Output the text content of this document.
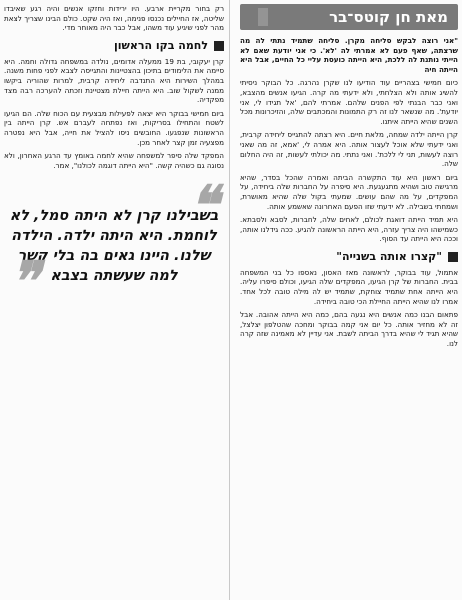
מאת חן קוטס־בר

"אני רוצה לבקש סליחה מקרן. סליחה שתמיד נתתי לה מה שרצתה, שאף פעם לא אמרתי לה 'לא'. כי אני יודעת שאם לא הייתי נותנת לה ללכת, היא הייתה כועסת עליי כל החיים, אבל היא הייתה חיה

כיום חמישי בצהריים עוד הודיעו לנו שקרן נהרגה. כל הבוקר ניסיתי להשיג אותה ולא הצלחתי, ולא ידעתי מה קרה. הגיעו אנשים מהצבא, ואני כבר הבנתי לפי הפנים שלהם. אמרתי להם, 'אל תגידו לי, אני יודעת'. מה שנשאר לנו זה רק התמונות והמכתבים שלה, והזיכרונות מכל השנים שהיא הייתה איתנו.

קרן הייתה ילדה שמחה, מלאת חיים. היא רצתה להתגייס ליחידה קרבית, ואני ידעתי שלא אוכל לעצור אותה. היא אמרה לי, 'אמא, זה מה שאני רוצה לעשות, תני לי ללכת'. ואני נתתי. מה יכולתי לעשות, זה היה החלום שלה.

ביום ראשון היא עוד התקשרה הביתה ואמרה שהכל בסדר, שהיא מרגישה טוב ושהיא מתגעגעת. היא סיפרה על החברות שלה ביחידה, על המפקדים, על מה שהם עושים. שמעתי בקול שלה שהיא מאושרת, ושמחתי בשבילה. לא ידעתי שזו הפעם האחרונה שאשמע אותה.

היא תמיד הייתה דואגת לכולם, לאחים שלה, לחברות, לסבא ולסבתא. כשמישהו היה צריך עזרה, היא הייתה הראשונה להגיע. ככה גידלנו אותה, וככה היא הייתה עד הסוף.

"קצרו אותה בשנייה"

אתמול, עוד בבוקר, לראשונה מאז האסון, נאספו כל בני המשפחה בבית. החברות של קרן הגיעו, המפקדים שלה הגיעו, וכולם סיפרו עליה. היא הייתה אחת שתמיד צוחקת, שתמיד יש לה מילה טובה לכל אחד. אמרו לנו שהיא הייתה החיילת הכי טובה ביחידה.

פתאום הבנו כמה אנשים היא נגעה בהם, כמה היא הייתה אהובה. אבל זה לא מחזיר אותה. כל יום אני קמה בבוקר ומחכה שהטלפון יצלצל, שהיא תגיד לי שהיא בדרך הביתה לשבת. אני עדיין לא מאמינה שזה קרה לנו.

רק בחור מקריית ארבע. היו ירידות וחזקו אנשים והיה רגע שאיבדו שליטה, אז החיילים נכנסו פנימה, ואז היה שקט. כולם הבינו שצריך לצאת מהר לפני שיגיע עוד משהו, אבל כבר היה מאוחר מדי.

לחמה בקו הראשון

קרן יעקובי, בת 19 ממעלה אדומים, נולדה במשפחה גדולה וחמה. היא סיימה את הלימודים בתיכון בהצטיינות והתגייסה לצבא לפני פחות משנה. במהלך השירות היא התנדבה ליחידה קרבית, למרות שהוריה ביקשו ממנה לשקול שוב. היא הייתה חיילת מצטיינת וזכתה להערכה רבה מצד מפקדיה.

ביום חמישי בבוקר היא יצאה לפעילות מבצעית עם הכוח שלה. הם הגיעו לשטח והתחילו בסריקות, ואז נפתחה לעברם אש. קרן הייתה בין הראשונות שנפגעו. החובשים ניסו להציל את חייה, אבל היא נפטרה מפצעיה זמן קצר לאחר מכן.

המפקד שלה סיפר למשפחה שהיא לחמה באומץ עד הרגע האחרון, ולא נסוגה גם כשהיה קשה. "היא הייתה דוגמה לכולנו", אמר.

❝
בשבילנו קרן לא היתה סמל, לא לוחמת. היא היתה ילדה. הילדה שלנו. היינו גאים בה בלי קשר למה שעשתה בצבא
❞
